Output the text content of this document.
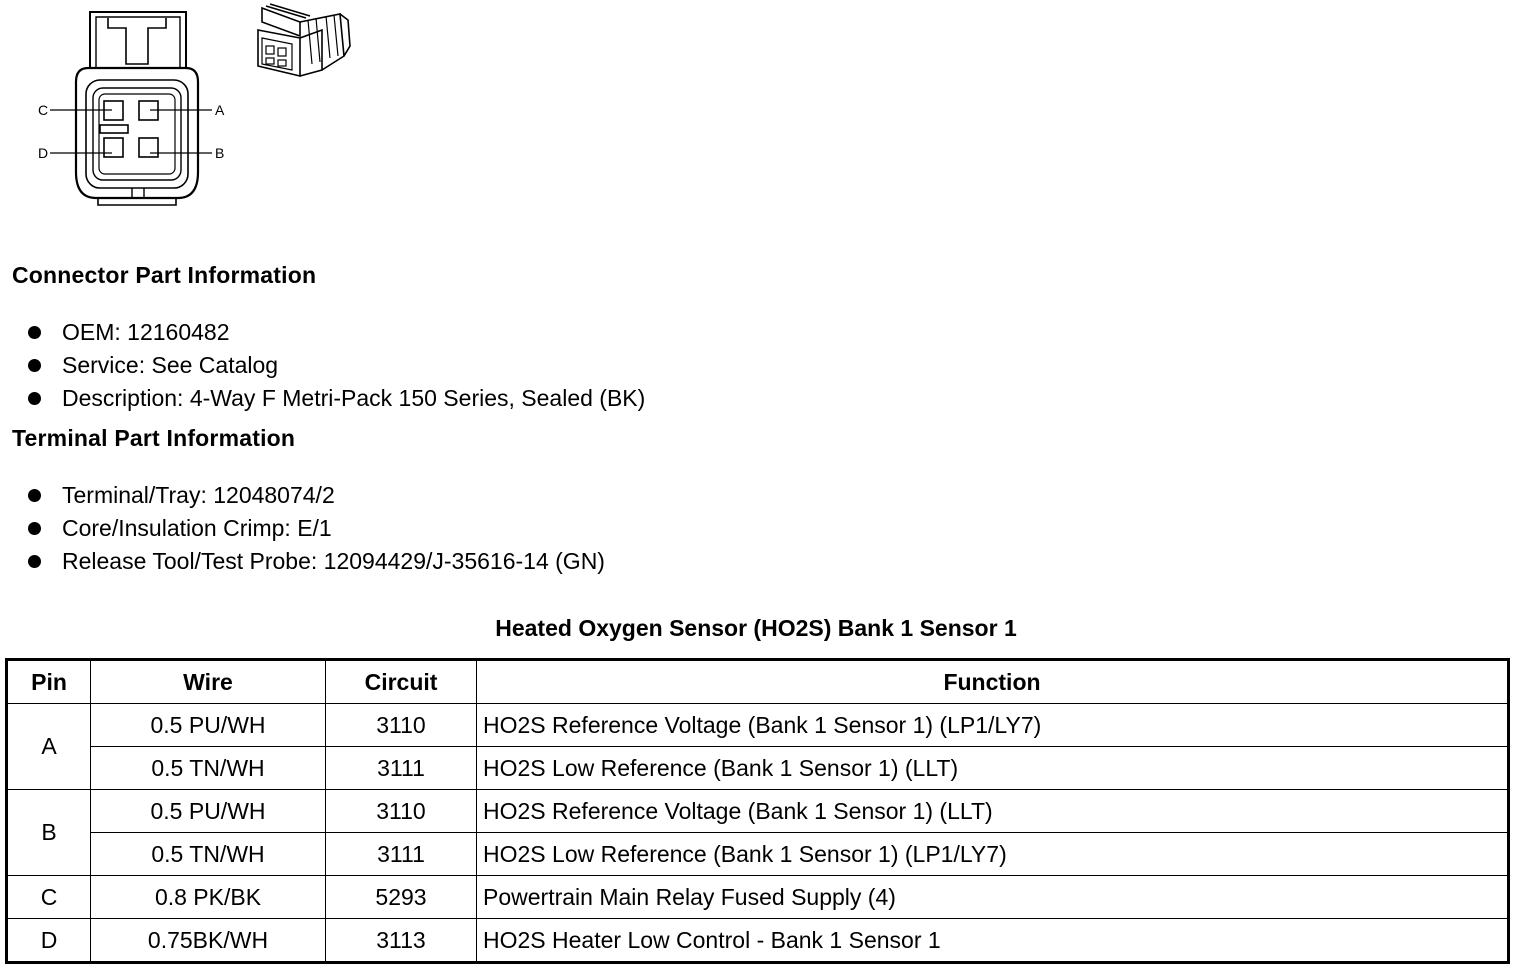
C
D
A
B
Connector Part Information
OEM: 12160482
Service: See Catalog
Description: 4-Way F Metri-Pack 150 Series, Sealed (BK)
Terminal Part Information
Terminal/Tray: 12048074/2
Core/Insulation Crimp: E/1
Release Tool/Test Probe: 12094429/J-35616-14 (GN)
Heated Oxygen Sensor (HO2S) Bank 1 Sensor 1
Pin	Wire	Circuit	Function
A	0.5 PU/WH	3110	HO2S Reference Voltage (Bank 1 Sensor 1) (LP1/LY7)
	0.5 TN/WH	3111	HO2S Low Reference (Bank 1 Sensor 1) (LLT)
B	0.5 PU/WH	3110	HO2S Reference Voltage (Bank 1 Sensor 1) (LLT)
	0.5 TN/WH	3111	HO2S Low Reference (Bank 1 Sensor 1) (LP1/LY7)
C	0.8 PK/BK	5293	Powertrain Main Relay Fused Supply (4)
D	0.75BK/WH	3113	HO2S Heater Low Control - Bank 1 Sensor 1
